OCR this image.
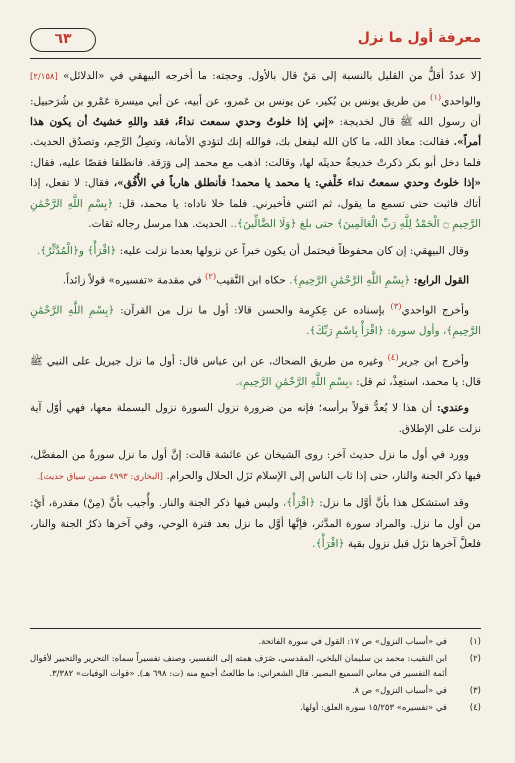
معرفة أول ما نزل
٦٣

[لا عددُ أقلُّ من القليل بالنسبة إلى مَنْ قال بالأول. وحجته: ما أخرجه البيهقي في «الدلائل» [٢/١٥٨] والواحدي$^{(١)}$ من طريق يونس بن بُكير، عن يونس بن عَمرو، عن أبيه، عن أبي ميسرة عَمْرو بن شُرَحبيل: أن رسول الله ﷺ قال لخديجة: «إني إذا خلوتُ وحدي سمعت نداءً، فقد واللهِ خشيتُ أن يكون هذا أمراً». فقالت: معاذ الله، ما كان الله ليفعل بك، فوالله إنك لتؤدي الأمانة، وتصِلُ الرَّحِم، وتصدُق الحديث. فلما دخل أبو بكر ذكرتْ خديجةُ حديثَه لها، وقالت: اذهب مع محمد إلى وَرَقة. فانطلقا فقصّا عليه، فقال: «إذا خلوتُ وحدي سمعتُ نداء خَلْفي: يا محمد يا محمد! فأنطلق هارباً في الأُفُق»، فقال: لا تفعل، إذا أتاك فاثبت حتى تسمع ما يقول، ثم ائتني فأخبرني. فلما خلا ناداه: يا محمد، قل: ﴿بِسْمِ اللَّهِ الرَّحْمَٰنِ الرَّحِيمِ ۝ الْحَمْدُ لِلَّهِ رَبِّ الْعَالَمِينَ﴾ حتى بلغ ﴿وَلَا الضَّالِّينَ﴾.. الحديث. هذا مرسل رجاله ثقات.

وقال البيهقي: إن كان محفوظاً فيحتمل أن يكون خبراً عن نزولها بعدما نزلت عليه: ﴿اقْرَأْ﴾ و﴿الْمُدَّثِّرُ﴾.

القول الرابع: ﴿بِسْمِ اللَّهِ الرَّحْمَٰنِ الرَّحِيمِ﴾. حكاه ابن النَّقيب$^{(٢)}$ في مقدمة «تفسيره» قولاً زائداً.

وأخرج الواحدي$^{(٣)}$ بإسناده عن عِكرِمة والحسن قالا: أول ما نزل من القرآن: ﴿بِسْمِ اللَّهِ الرَّحْمَٰنِ الرَّحِيمِ﴾، وأول سورة: ﴿اقْرَأْ بِاسْمِ رَبِّكَ﴾.

وأخرج ابن جرير$^{(٤)}$ وغيره من طريق الضحاك، عن ابن عباس قال: أول ما نزل جبريل على النبي ﷺ قال: يا محمد، استعِذْ، ثم قل: ﴿بِسْمِ اللَّهِ الرَّحْمَٰنِ الرَّحِيمِ﴾.

وعندي: أن هذا لا يُعدُّ قولاً برأسه؛ فإنه من ضرورة نزول السورة نزول البسملة معها، فهي أوّل آية نزلت على الإطلاق.

وورد في أول ما نزل حديث آخر: روى الشيخان عن عائشة قالت: إنَّ أول ما نزل سورةٌ من المفصَّل، فيها ذكر الجنة والنار، حتى إذا ثاب الناس إلى الإسلام نَزَل الحلال والحرام. [البخاري: ٤٩٩٣ ضمن سياق حديث].

وقد استشكل هذا بأنَّ أوَّل ما نزل: ﴿اقْرَأْ﴾، وليس فيها ذكر الجنة والنار. وأُجيب بأنَّ (مِنْ) مقدرة، أيْ: من أول ما نزل. والمراد سورة المدَّثر، فإنَّها أوَّل ما نزل بعد فترة الوحي، وفي آخرها ذكرُ الجنة والنار، فلعلَّ آخرها نزَل قبل نزول بقية ﴿اقْرَأْ﴾.

(١)
في «أسباب النزول» ص ١٧: القول في سورة الفاتحة.
(٢)
ابن النقيب: محمد بن سليمان البلخي، المقدسي، صَرَف همته إلى التفسير، وصنف تفسيراً سماه: التحرير والتحبير لأقوال أئمة التفسير في معاني السميع البصير. قال الشعراني: ما طالعتُ أجمع منه (ت: ٦٩٨ هـ). «فوات الوفيات» ٣/٣٨٢.
(٣)
في «أسباب النزول» ص ٨.
(٤)
في «تفسيره» ١٥/٢٥٣ سورة العلق: أولها.
